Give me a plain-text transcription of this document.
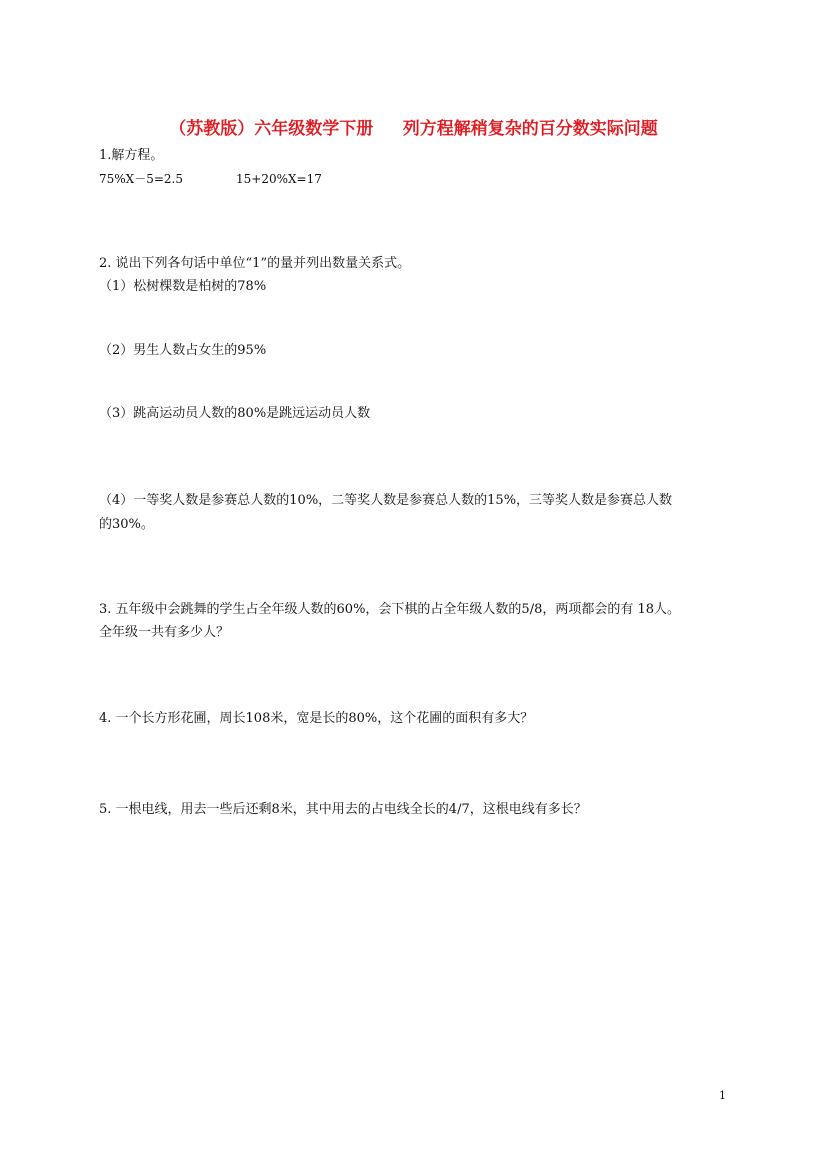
（苏教版）六年级数学下册     列方程解稍复杂的百分数实际问题
1.解方程。
75%X－5=2.5	15+20%X=17
2. 说出下列各句话中单位“1”的量并列出数量关系式。
（1）松树棵数是柏树的78%
（2）男生人数占女生的95%
（3）跳高运动员人数的80%是跳远运动员人数
（4）一等奖人数是参赛总人数的10%，二等奖人数是参赛总人数的15%，三等奖人数是参赛总人数
的30%。
3. 五年级中会跳舞的学生占全年级人数的60%，会下棋的占全年级人数的5/8，两项都会的有 18人。
全年级一共有多少人？
4. 一个长方形花圃，周长108米，宽是长的80%，这个花圃的面积有多大？
5. 一根电线，用去一些后还剩8米，其中用去的占电线全长的4/7，这根电线有多长？
1
